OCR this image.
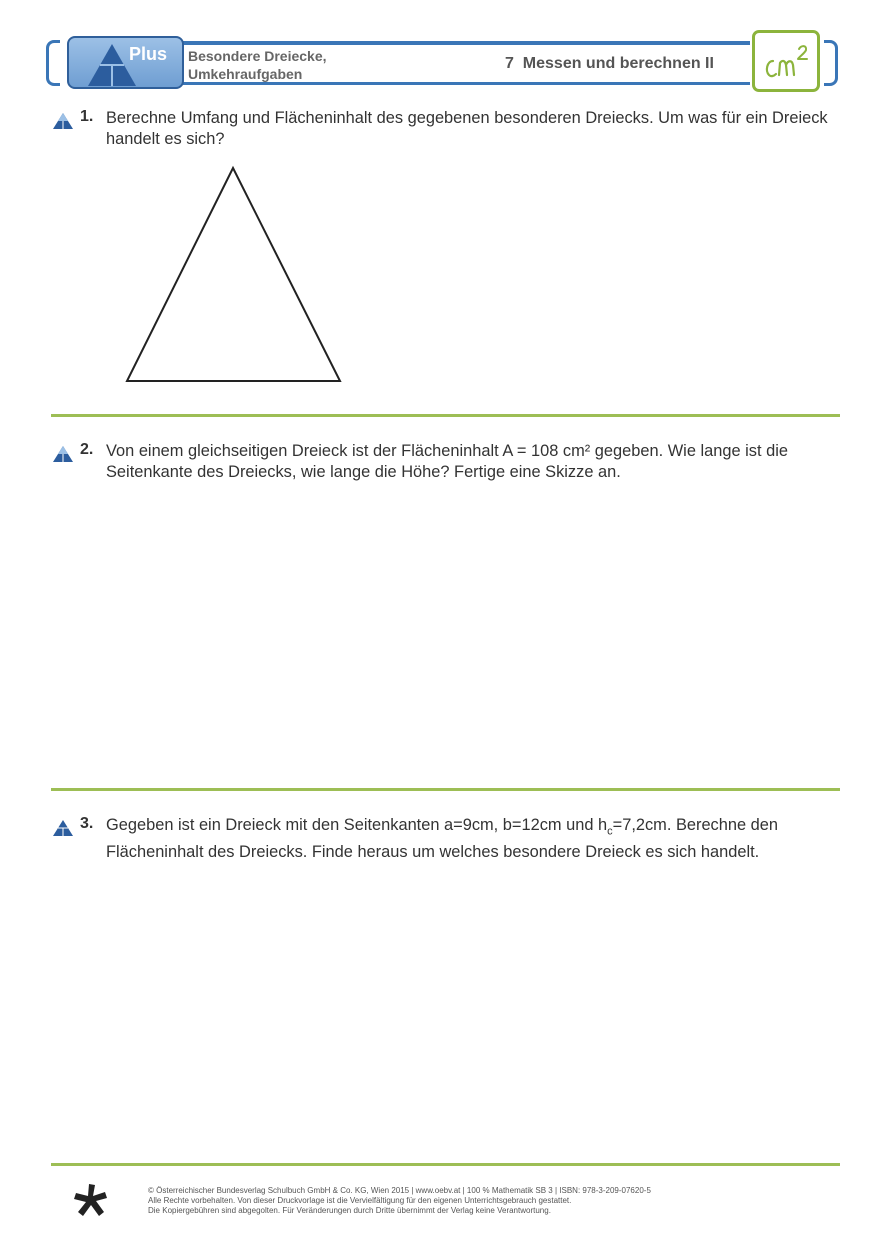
Plus Besondere Dreiecke,
Umkehraufgaben
7  Messen und berechnen II
1. Berechne Umfang und Flächeninhalt des gegebenen besonderen Dreiecks. Um was für ein Dreieck handelt es sich?
2. Von einem gleichseitigen Dreieck ist der Flächeninhalt A = 108 cm² gegeben. Wie lange ist die Seitenkante des Dreiecks, wie lange die Höhe? Fertige eine Skizze an.
3. Gegeben ist ein Dreieck mit den Seitenkanten a=9cm, b=12cm und $h_c=7,2cm$. Berechne den Flächeninhalt des Dreiecks. Finde heraus um welches besondere Dreieck es sich handelt.
© Österreichischer Bundesverlag Schulbuch GmbH & Co. KG, Wien 2015 | www.oebv.at | 100 % Mathematik SB 3 | ISBN: 978-3-209-07620-5
Alle Rechte vorbehalten. Von dieser Druckvorlage ist die Vervielfältigung für den eigenen Unterrichtsgebrauch gestattet.
Die Kopiergebühren sind abgegolten. Für Veränderungen durch Dritte übernimmt der Verlag keine Verantwortung.
